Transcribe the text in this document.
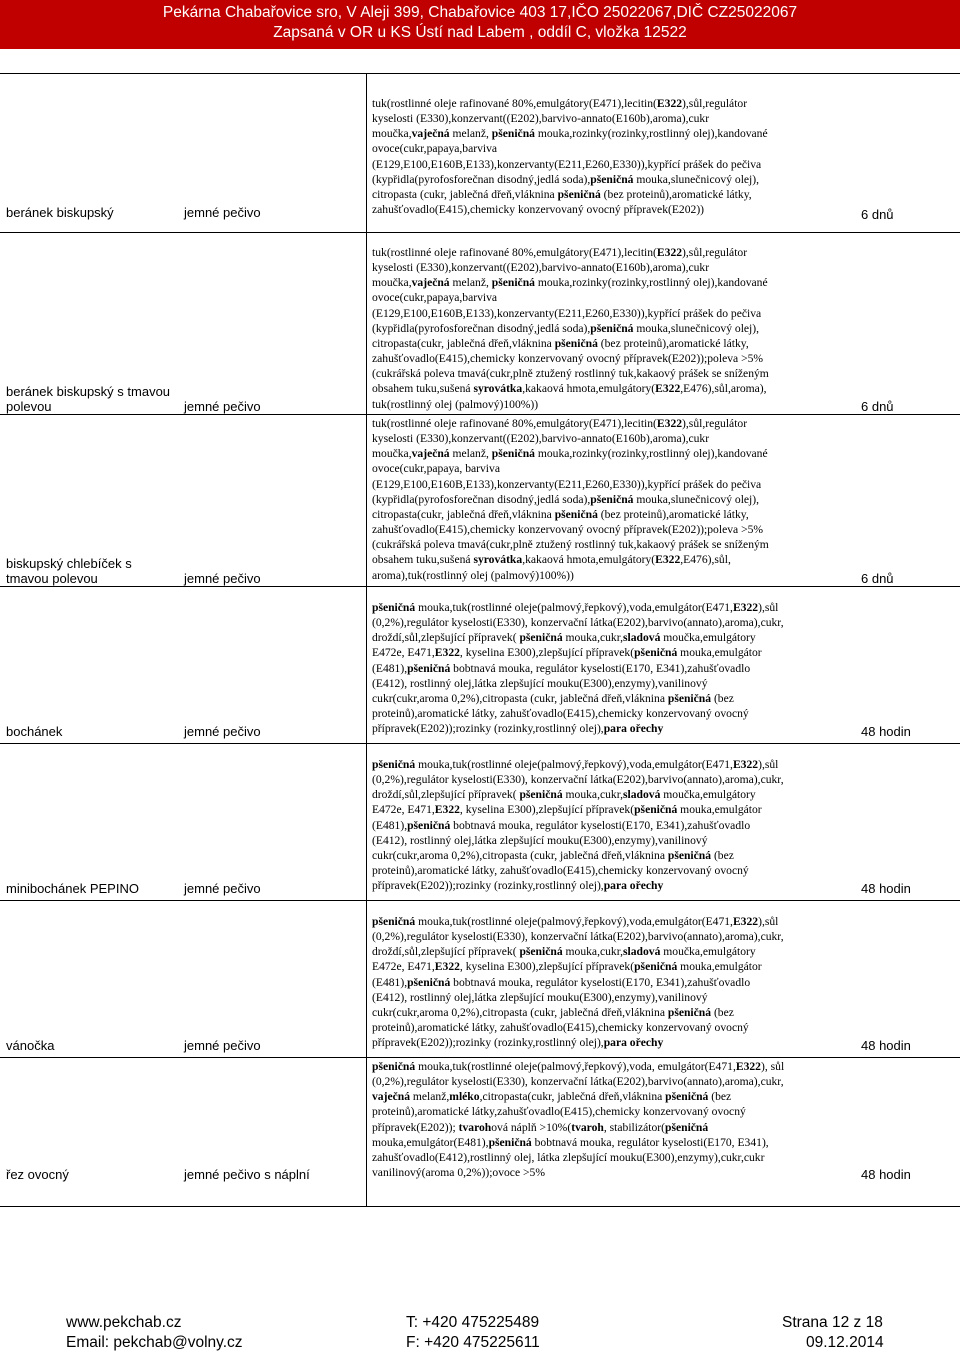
Pekárna Chabařovice sro, V Aleji 399, Chabařovice 403 17,IČO 25022067,DIČ CZ25022067
Zapsaná v OR u KS Ústí nad Labem , oddíl C, vložka 12522
beránek biskupský	jemné pečivo
tuk(rostlinné oleje rafinované 80%,emulgátory(E471),lecitin(E322),sůl,regulátor
kyselosti (E330),konzervant((E202),barvivo-annato(E160b),aroma),cukr
moučka,vaječná melanž, pšeničná mouka,rozinky(rozinky,rostlinný olej),kandované
ovoce(cukr,papaya,barviva
(E129,E100,E160B,E133),konzervanty(E211,E260,E330)),kypřící prášek do pečiva
(kypřidla(pyrofosforečnan disodný,jedlá soda),pšeničná mouka,slunečnicový olej),
citropasta (cukr, jablečná dřeň,vláknina pšeničná (bez proteinů),aromatické látky,
zahušťovadlo(E415),chemicky konzervovaný ovocný přípravek(E202))	6 dnů
beránek biskupský s tmavou
polevou	jemné pečivo
tuk(rostlinné oleje rafinované 80%,emulgátory(E471),lecitin(E322),sůl,regulátor
kyselosti (E330),konzervant((E202),barvivo-annato(E160b),aroma),cukr
moučka,vaječná melanž, pšeničná mouka,rozinky(rozinky,rostlinný olej),kandované
ovoce(cukr,papaya,barviva
(E129,E100,E160B,E133),konzervanty(E211,E260,E330)),kypřící prášek do pečiva
(kypřidla(pyrofosforečnan disodný,jedlá soda),pšeničná mouka,slunečnicový olej),
citropasta(cukr, jablečná dřeň,vláknina pšeničná (bez proteinů),aromatické látky,
zahušťovadlo(E415),chemicky konzervovaný ovocný přípravek(E202));poleva >5%
(cukrářská poleva tmavá(cukr,plně ztužený rostlinný tuk,kakaový prášek se sníženým
obsahem tuku,sušená syrovátka,kakaová hmota,emulgátory(E322,E476),sůl,aroma),
tuk(rostlinný olej (palmový)100%))	6 dnů
biskupský chlebíček s
tmavou polevou	jemné pečivo
tuk(rostlinné oleje rafinované 80%,emulgátory(E471),lecitin(E322),sůl,regulátor
kyselosti (E330),konzervant((E202),barvivo-annato(E160b),aroma),cukr
moučka,vaječná melanž, pšeničná mouka,rozinky(rozinky,rostlinný olej),kandované
ovoce(cukr,papaya, barviva
(E129,E100,E160B,E133),konzervanty(E211,E260,E330)),kypřící prášek do pečiva
(kypřidla(pyrofosforečnan disodný,jedlá soda),pšeničná mouka,slunečnicový olej),
citropasta(cukr, jablečná dřeň,vláknina pšeničná (bez proteinů),aromatické látky,
zahušťovadlo(E415),chemicky konzervovaný ovocný přípravek(E202));poleva >5%
(cukrářská poleva tmavá(cukr,plně ztužený rostlinný tuk,kakaový prášek se sníženým
obsahem tuku,sušená syrovátka,kakaová hmota,emulgátory(E322,E476),sůl,
aroma),tuk(rostlinný olej (palmový)100%))	6 dnů
bochánek	jemné pečivo
pšeničná mouka,tuk(rostlinné oleje(palmový,řepkový),voda,emulgátor(E471,E322),sůl
(0,2%),regulátor kyselosti(E330), konzervační látka(E202),barvivo(annato),aroma),cukr,
droždí,sůl,zlepšující přípravek( pšeničná mouka,cukr,sladová moučka,emulgátory
E472e, E471,E322, kyselina E300),zlepšující přípravek(pšeničná mouka,emulgátor
(E481),pšeničná bobtnavá mouka, regulátor kyselosti(E170, E341),zahušťovadlo
(E412), rostlinný olej,látka zlepšující mouku(E300),enzymy),vanilinový
cukr(cukr,aroma 0,2%),citropasta (cukr, jablečná dřeň,vláknina pšeničná (bez
proteinů),aromatické látky, zahušťovadlo(E415),chemicky konzervovaný ovocný
přípravek(E202));rozinky (rozinky,rostlinný olej),para ořechy	48 hodin
minibochánek PEPINO	jemné pečivo
pšeničná mouka,tuk(rostlinné oleje(palmový,řepkový),voda,emulgátor(E471,E322),sůl
(0,2%),regulátor kyselosti(E330), konzervační látka(E202),barvivo(annato),aroma),cukr,
droždí,sůl,zlepšující přípravek( pšeničná mouka,cukr,sladová moučka,emulgátory
E472e, E471,E322, kyselina E300),zlepšující přípravek(pšeničná mouka,emulgátor
(E481),pšeničná bobtnavá mouka, regulátor kyselosti(E170, E341),zahušťovadlo
(E412), rostlinný olej,látka zlepšující mouku(E300),enzymy),vanilinový
cukr(cukr,aroma 0,2%),citropasta (cukr, jablečná dřeň,vláknina pšeničná (bez
proteinů),aromatické látky, zahušťovadlo(E415),chemicky konzervovaný ovocný
přípravek(E202));rozinky (rozinky,rostlinný olej),para ořechy	48 hodin
vánočka	jemné pečivo
pšeničná mouka,tuk(rostlinné oleje(palmový,řepkový),voda,emulgátor(E471,E322),sůl
(0,2%),regulátor kyselosti(E330), konzervační látka(E202),barvivo(annato),aroma),cukr,
droždí,sůl,zlepšující přípravek( pšeničná mouka,cukr,sladová moučka,emulgátory
E472e, E471,E322, kyselina E300),zlepšující přípravek(pšeničná mouka,emulgátor
(E481),pšeničná bobtnavá mouka, regulátor kyselosti(E170, E341),zahušťovadlo
(E412), rostlinný olej,látka zlepšující mouku(E300),enzymy),vanilinový
cukr(cukr,aroma 0,2%),citropasta (cukr, jablečná dřeň,vláknina pšeničná (bez
proteinů),aromatické látky, zahušťovadlo(E415),chemicky konzervovaný ovocný
přípravek(E202));rozinky (rozinky,rostlinný olej),para ořechy	48 hodin
řez ovocný	jemné pečivo s náplní
pšeničná mouka,tuk(rostlinné oleje(palmový,řepkový),voda, emulgátor(E471,E322), sůl
(0,2%),regulátor kyselosti(E330), konzervační látka(E202),barvivo(annato),aroma),cukr,
vaječná melanž,mléko,citropasta(cukr, jablečná dřeň,vláknina pšeničná (bez
proteinů),aromatické látky,zahušťovadlo(E415),chemicky konzervovaný ovocný
přípravek(E202)); tvarohová náplň >10%(tvaroh, stabilizátor(pšeničná
mouka,emulgátor(E481),pšeničná bobtnavá mouka, regulátor kyselosti(E170, E341),
zahušťovadlo(E412),rostlinný olej, látka zlepšující mouku(E300),enzymy),cukr,cukr
vanilinový(aroma 0,2%));ovoce >5%	48 hodin
www.pekchab.cz
Email: pekchab@volny.cz
T: +420 475225489
F: +420 475225611
Strana 12 z 18
09.12.2014
